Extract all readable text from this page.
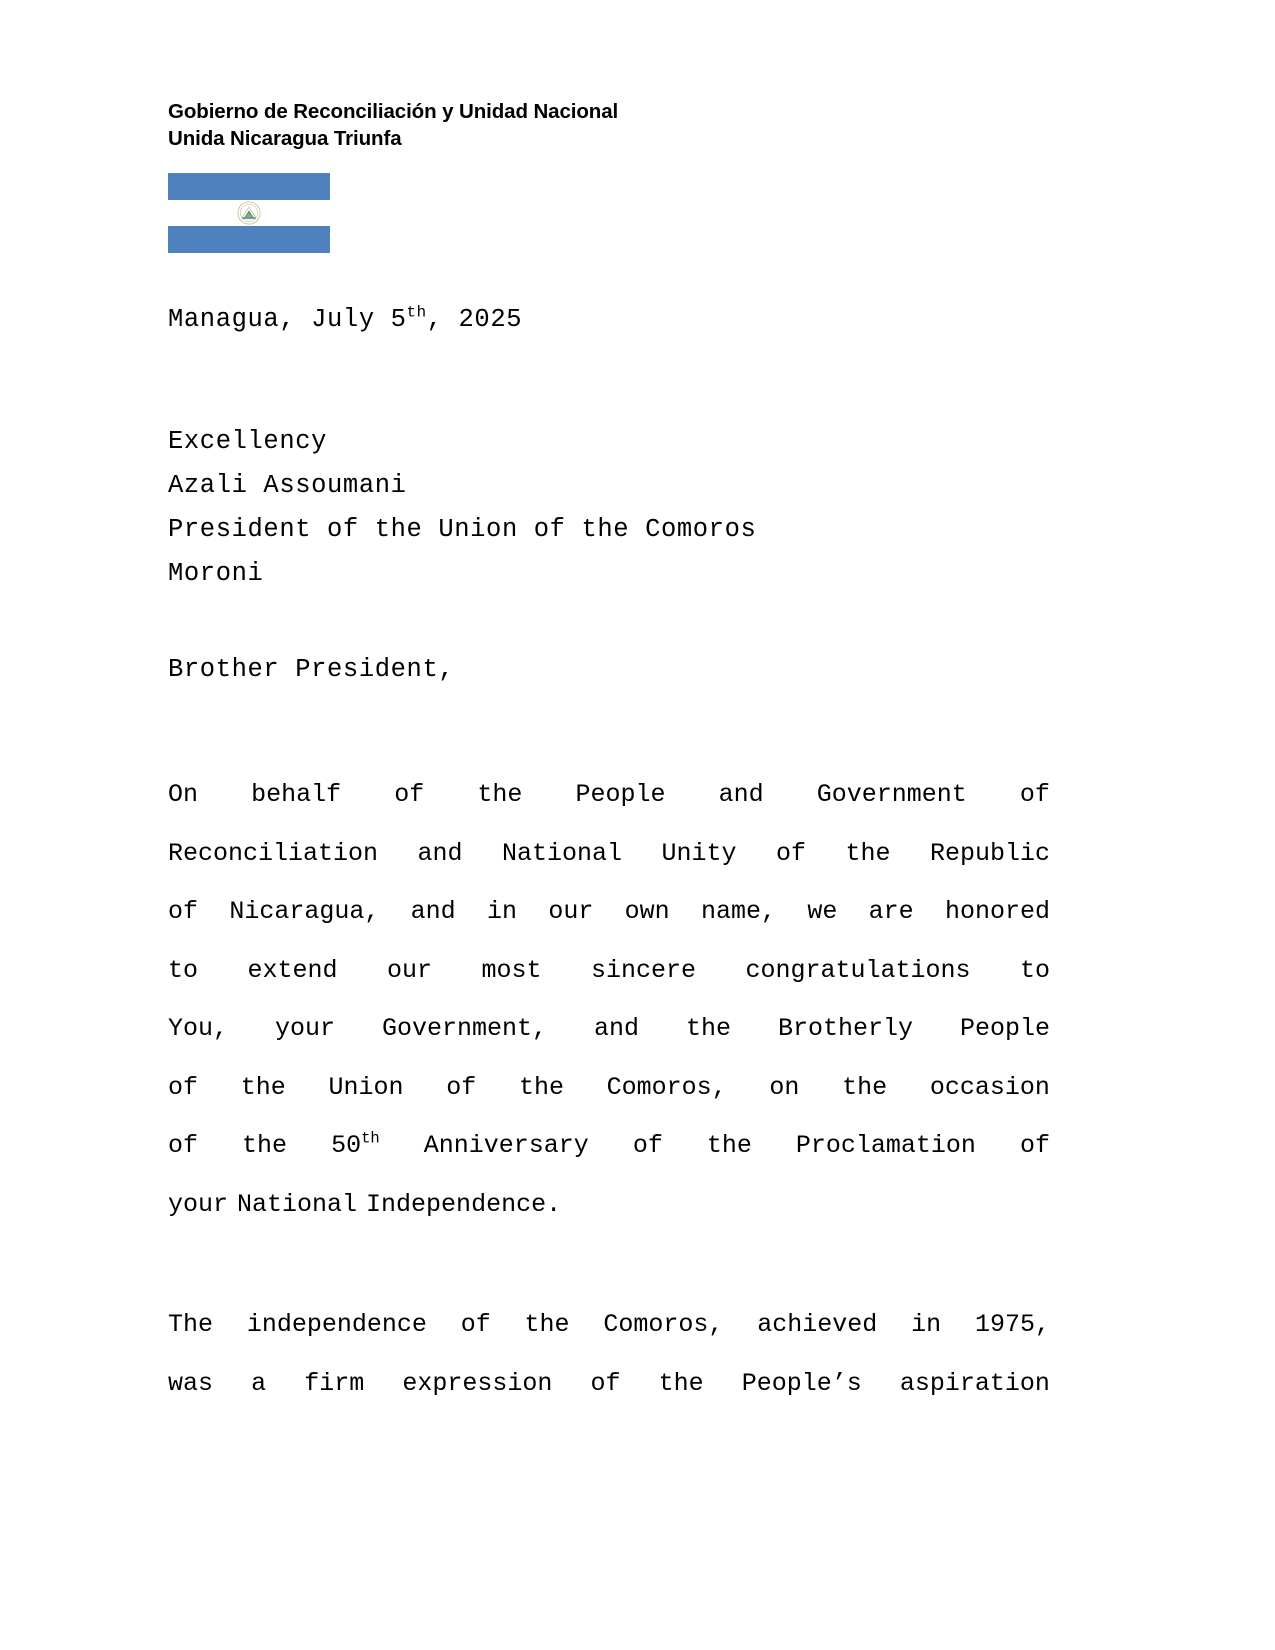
Gobierno de Reconciliación y Unidad Nacional
Unida Nicaragua Triunfa
Managua, July 5th, 2025
Excellency
Azali Assoumani
President of the Union of the Comoros
Moroni
Brother President,
On behalf of the People and Government of
Reconciliation and National Unity of the Republic
of Nicaragua, and in our own name, we are honored
to extend our most sincere congratulations to
You, your Government, and the Brotherly People
of the Union of the Comoros, on the occasion
of the 50th Anniversary of the Proclamation of
your National Independence.
The independence of the Comoros, achieved in 1975,
was a firm expression of the People’s aspiration
